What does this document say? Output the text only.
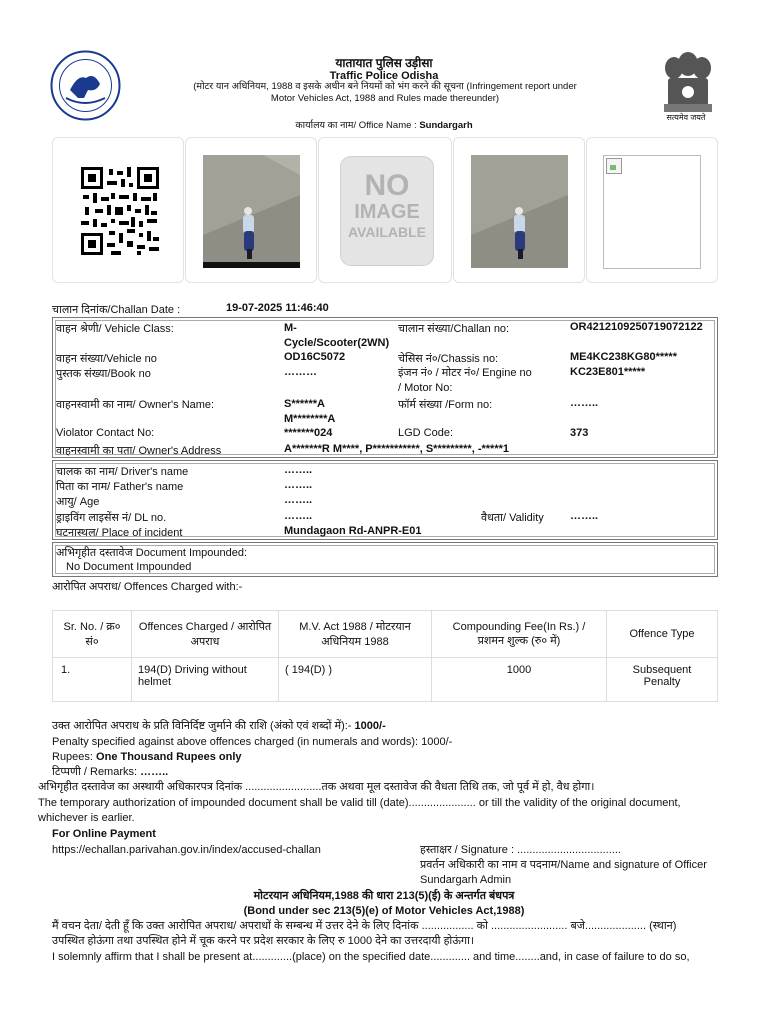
यातायात पुलिस उड़ीसा
Traffic Police Odisha
(मोटर यान अधिनियम, 1988 व इसके अधीन बने नियमों को भंग करने की सूचना (Infringement report under
Motor Vehicles Act, 1988 and Rules made thereunder)
कार्यालय का नाम/ Office Name : Sundargarh
सत्यमेव जयते
NO
IMAGE
AVAILABLE
चालान दिनांक/Challan Date :	19-07-2025 11:46:40
वाहन श्रेणी/ Vehicle Class:	M-
Cycle/Scooter(2WN)
चालान संख्या/Challan no:	OR4212109250719072122
वाहन संख्या/Vehicle no	OD16C5072	चेसिस नं०/Chassis no:	ME4KC238KG80*****
पुस्तक संख्या/Book no	………	इंजन नं० / मोटर नं०/ Engine no
/ Motor No:
KC23E801*****
वाहनस्वामी का नाम/ Owner's Name:	S******A
M********A
फॉर्म संख्या /Form no:	……..
Violator Contact No:	*******024	LGD Code:	373
वाहनस्वामी का पता/ Owner's Address	A*******R M****, P***********, S*********, -*****1
चालक का नाम/ Driver's name	……..
पिता का नाम/ Father's name	……..
आयु/ Age	……..
ड्राइविंग लाइसेंस नं/ DL no.	……..	वैधता/ Validity ……..
घटनास्थल/ Place of incident	Mundagaon Rd-ANPR-E01
अभिगृहीत दस्तावेज Document Impounded:
No Document Impounded
आरोपित अपराध/ Offences Charged with:-
Sr. No. / क्र० सं०	Offences Charged / आरोपित अपराध	M.V. Act 1988 / मोटरयान अधिनियम 1988	Compounding Fee(In Rs.) / प्रशमन शुल्क (रु० में)	Offence Type
1.	194(D) Driving without helmet	( 194(D) )	1000	Subsequent Penalty
उक्त आरोपित अपराध के प्रति विनिर्दिष्ट जुर्माने की राशि (अंको एवं शब्दों में):- 1000/-
Penalty specified against above offences charged (in numerals and words): 1000/-
Rupees: One Thousand Rupees only
टिप्पणी / Remarks: ……..
अभिगृहीत दस्तावेज का अस्थायी अधिकारपत्र दिनांक .........................तक अथवा मूल दस्तावेज की वैधता तिथि तक, जो पूर्व में हो, वैध होगा।
The temporary authorization of impounded document shall be valid till (date)...................... or till the validity of the original document,
whichever is earlier.
For Online Payment
https://echallan.parivahan.gov.in/index/accused-challan	हस्ताक्षर / Signature : ..................................
प्रवर्तन अधिकारी का नाम व पदनाम/Name and signature of Officer
Sundargarh Admin
मोटरयान अधिनियम,1988 की धारा 213(5)(ई) के अन्तर्गत बंधपत्र
(Bond under sec 213(5)(e) of Motor Vehicles Act,1988)
मैं वचन देता/ देती हूँ कि उक्त आरोपित अपराध/ अपराधों के सम्बन्ध में उत्तर देने के लिए दिनांक ................. को ......................... बजे.................... (स्थान)
उपस्थित होऊंगा तथा उपस्थित होने में चूक करने पर प्रदेश सरकार के लिए रु 1000 देने का उत्तरदायी होऊंगा।
I solemnly affirm that I shall be present at.............(place) on the specified date............. and time........and, in case of failure to do so,
